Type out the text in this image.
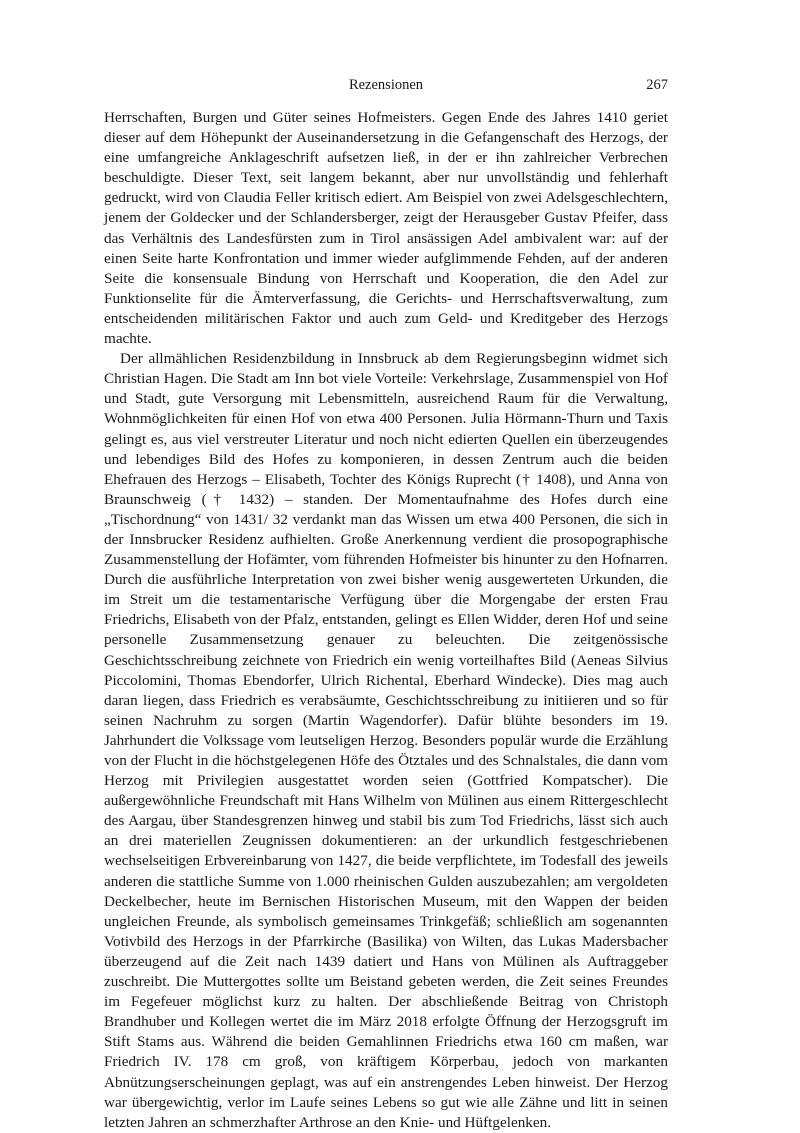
Rezensionen	267

Herrschaften, Burgen und Güter seines Hofmeisters. Gegen Ende des Jahres 1410 geriet dieser auf dem Höhepunkt der Auseinandersetzung in die Gefangenschaft des Herzogs, der eine umfangreiche Anklageschrift aufsetzen ließ, in der er ihn zahlreicher Verbrechen beschuldigte. Dieser Text, seit langem bekannt, aber nur unvollständig und fehlerhaft gedruckt, wird von Claudia Feller kritisch ediert. Am Beispiel von zwei Adelsgeschlechtern, jenem der Goldecker und der Schlandersberger, zeigt der Herausgeber Gustav Pfeifer, dass das Verhältnis des Landesfürsten zum in Tirol ansässigen Adel ambivalent war: auf der einen Seite harte Konfrontation und immer wieder aufglimmende Fehden, auf der anderen Seite die konsensuale Bindung von Herrschaft und Kooperation, die den Adel zur Funktionselite für die Ämterverfassung, die Gerichts- und Herrschaftsverwaltung, zum entscheidenden militärischen Faktor und auch zum Geld- und Kreditgeber des Herzogs machte.

Der allmählichen Residenzbildung in Innsbruck ab dem Regierungsbeginn widmet sich Christian Hagen. Die Stadt am Inn bot viele Vorteile: Verkehrslage, Zusammenspiel von Hof und Stadt, gute Versorgung mit Lebensmitteln, ausreichend Raum für die Verwaltung, Wohnmöglichkeiten für einen Hof von etwa 400 Personen. Julia Hörmann-Thurn und Taxis gelingt es, aus viel verstreuter Literatur und noch nicht edierten Quellen ein überzeugendes und lebendiges Bild des Hofes zu komponieren, in dessen Zentrum auch die beiden Ehefrauen des Herzogs – Elisabeth, Tochter des Königs Ruprecht († 1408), und Anna von Braunschweig († 1432) – standen. Der Momentaufnahme des Hofes durch eine „Tischordnung“ von 1431/ 32 verdankt man das Wissen um etwa 400 Personen, die sich in der Innsbrucker Residenz aufhielten. Große Anerkennung verdient die prosopographische Zusammenstellung der Hofämter, vom führenden Hofmeister bis hinunter zu den Hofnarren. Durch die ausführliche Interpretation von zwei bisher wenig ausgewerteten Urkunden, die im Streit um die testamentarische Verfügung über die Morgengabe der ersten Frau Friedrichs, Elisabeth von der Pfalz, entstanden, gelingt es Ellen Widder, deren Hof und seine personelle Zusammensetzung genauer zu beleuchten. Die zeitgenössische Geschichtsschreibung zeichnete von Friedrich ein wenig vorteilhaftes Bild (Aeneas Silvius Piccolomini, Thomas Ebendorfer, Ulrich Richental, Eberhard Windecke). Dies mag auch daran liegen, dass Friedrich es verabsäumte, Geschichtsschreibung zu initiieren und so für seinen Nachruhm zu sorgen (Martin Wagendorfer). Dafür blühte besonders im 19. Jahrhundert die Volkssage vom leutseligen Herzog. Besonders populär wurde die Erzählung von der Flucht in die höchstgelegenen Höfe des Ötztales und des Schnalstales, die dann vom Herzog mit Privilegien ausgestattet worden seien (Gottfried Kompatscher). Die außergewöhnliche Freundschaft mit Hans Wilhelm von Mülinen aus einem Rittergeschlecht des Aargau, über Standesgrenzen hinweg und stabil bis zum Tod Friedrichs, lässt sich auch an drei materiellen Zeugnissen dokumentieren: an der urkundlich festgeschriebenen wechselseitigen Erbvereinbarung von 1427, die beide verpflichtete, im Todesfall des jeweils anderen die stattliche Summe von 1.000 rheinischen Gulden auszubezahlen; am vergoldeten Deckelbecher, heute im Bernischen Historischen Museum, mit den Wappen der beiden ungleichen Freunde, als symbolisch gemeinsames Trinkgefäß; schließlich am sogenannten Votivbild des Herzogs in der Pfarrkirche (Basilika) von Wilten, das Lukas Madersbacher überzeugend auf die Zeit nach 1439 datiert und Hans von Mülinen als Auftraggeber zuschreibt. Die Muttergottes sollte um Beistand gebeten werden, die Zeit seines Freundes im Fegefeuer möglichst kurz zu halten. Der abschließende Beitrag von Christoph Brandhuber und Kollegen wertet die im März 2018 erfolgte Öffnung der Herzogsgruft im Stift Stams aus. Während die beiden Gemahlinnen Friedrichs etwa 160 cm maßen, war Friedrich IV. 178 cm groß, von kräftigem Körperbau, jedoch von markanten Abnützungserscheinungen geplagt, was auf ein anstrengendes Leben hinweist. Der Herzog war übergewichtig, verlor im Laufe seines Lebens so gut wie alle Zähne und litt in seinen letzten Jahren an schmerzhafter Arthrose an den Knie- und Hüftgelenken.
